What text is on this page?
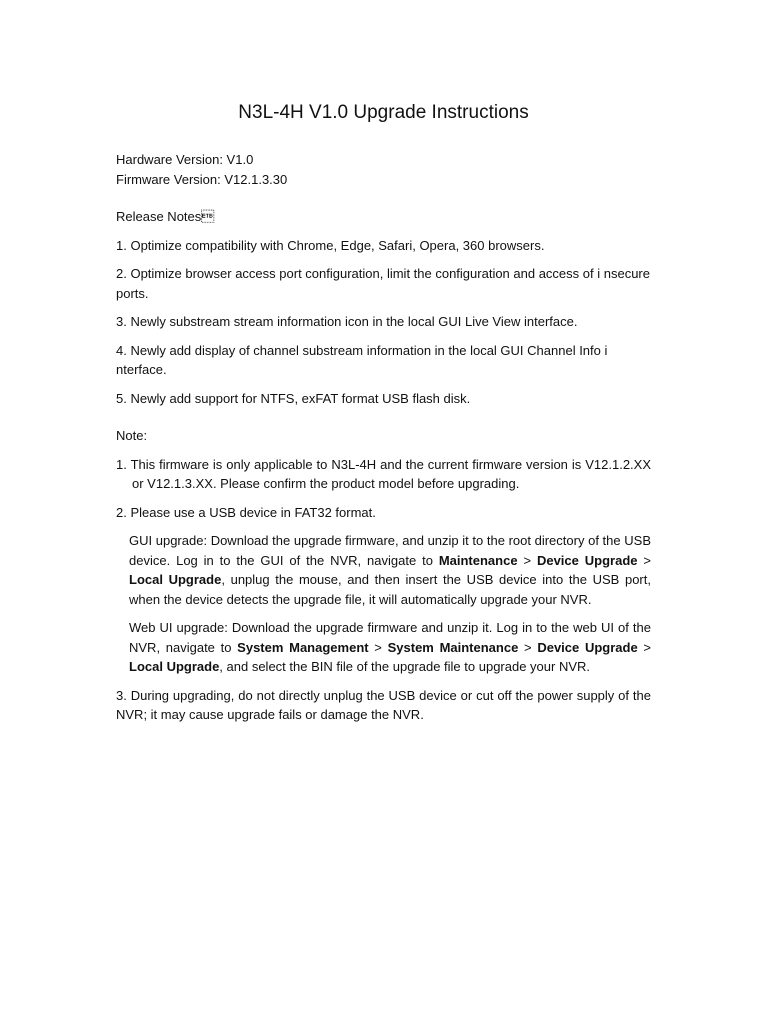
N3L-4H V1.0 Upgrade Instructions

Hardware Version: V1.0

Firmware Version: V12.1.3.30

Release Notes

1. Optimize compatibility with Chrome, Edge, Safari, Opera, 360 browsers.

2. Optimize browser access port configuration, limit the configuration and access of i nsecure ports.

3. Newly substream stream information icon in the local GUI Live View interface.

4. Newly add display of channel substream information in the local GUI Channel Info i nterface.

5. Newly add support for NTFS, exFAT format USB flash disk.

Note:

1. This firmware is only applicable to N3L-4H and the current firmware version is V12.1.2.XX or V12.1.3.XX. Please confirm the product model before upgrading.

2. Please use a USB device in FAT32 format.

GUI upgrade: Download the upgrade firmware, and unzip it to the root directory of the USB device. Log in to the GUI of the NVR, navigate to Maintenance > Device Upgrade > Local Upgrade, unplug the mouse, and then insert the USB device into the USB port, when the device detects the upgrade file, it will automatically upgrade your NVR.

Web UI upgrade: Download the upgrade firmware and unzip it. Log in to the web UI of the NVR, navigate to System Management > System Maintenance > Device Upgrade > Local Upgrade, and select the BIN file of the upgrade file to upgrade your NVR.

3. During upgrading, do not directly unplug the USB device or cut off the power supply of the NVR; it may cause upgrade fails or damage the NVR.
